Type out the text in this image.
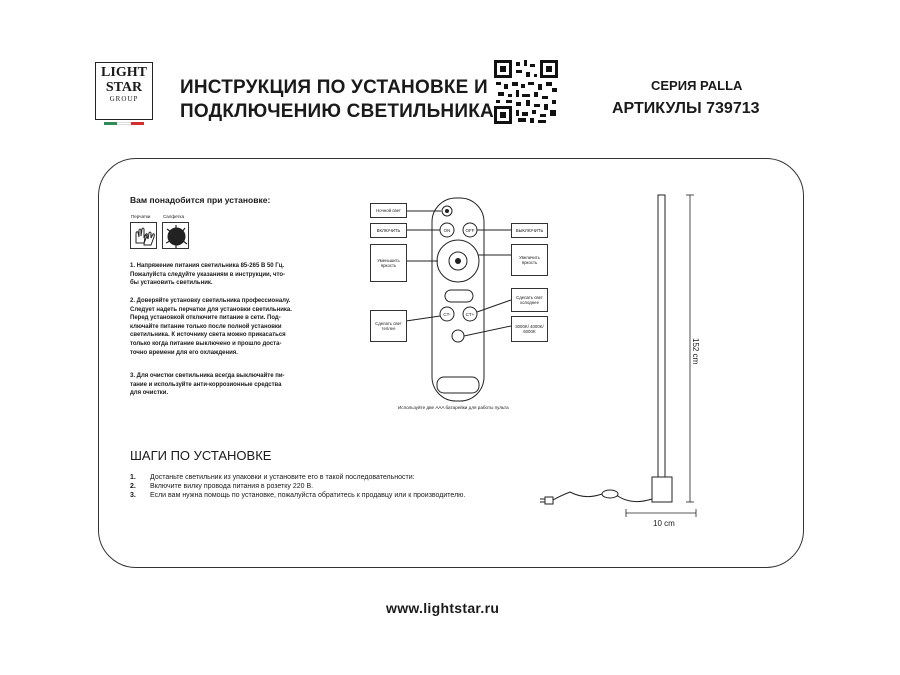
LIGHT
STAR
GROUP
ИНСТРУКЦИЯ ПО УСТАНОВКЕ И
ПОДКЛЮЧЕНИЮ СВЕТИЛЬНИКА
СЕРИЯ PALLA
АРТИКУЛЫ 739713
Вам понадобится при установке:
Перчатки	Салфетка
1. Напряжение питания светильника 85-265 В 50 Гц.
Пожалуйста следуйте указаниям в инструкции, что-
бы установить светильник.
2. Доверяйте установку светильника профессионалу.
Следует надеть перчатки для установки светильника.
Перед установкой отключите питание в сети. Под-
ключайте питание только после полной установки
светильника. К источнику света можно прикасаться
только когда питание выключено и прошло доста-
точно времени для его охлаждения.
3. Для очистки светильника всегда выключайте пи-
тание и используйте анти-коррозионные средства
для очистки.
ON	OFF
CT-	CT+
Ночной свет
ВКЛЮЧИТЬ	ВЫКЛЮЧИТЬ
Уменьшить яркость
Увеличить яркость
Сделать свет теплее
Сделать свет холоднее
3000K/ 4000K/ 6000K
Используйте две AAA батарейки для работы пульта
152 cm
10 cm
ШАГИ ПО УСТАНОВКЕ
1. Достаньте светильник из упаковки и установите его в такой последовательности:
2. Включите вилку провода питания в розетку 220 В.
3. Если вам нужна помощь по установке, пожалуйста обратитесь к продавцу или к производителю.
www.lightstar.ru
